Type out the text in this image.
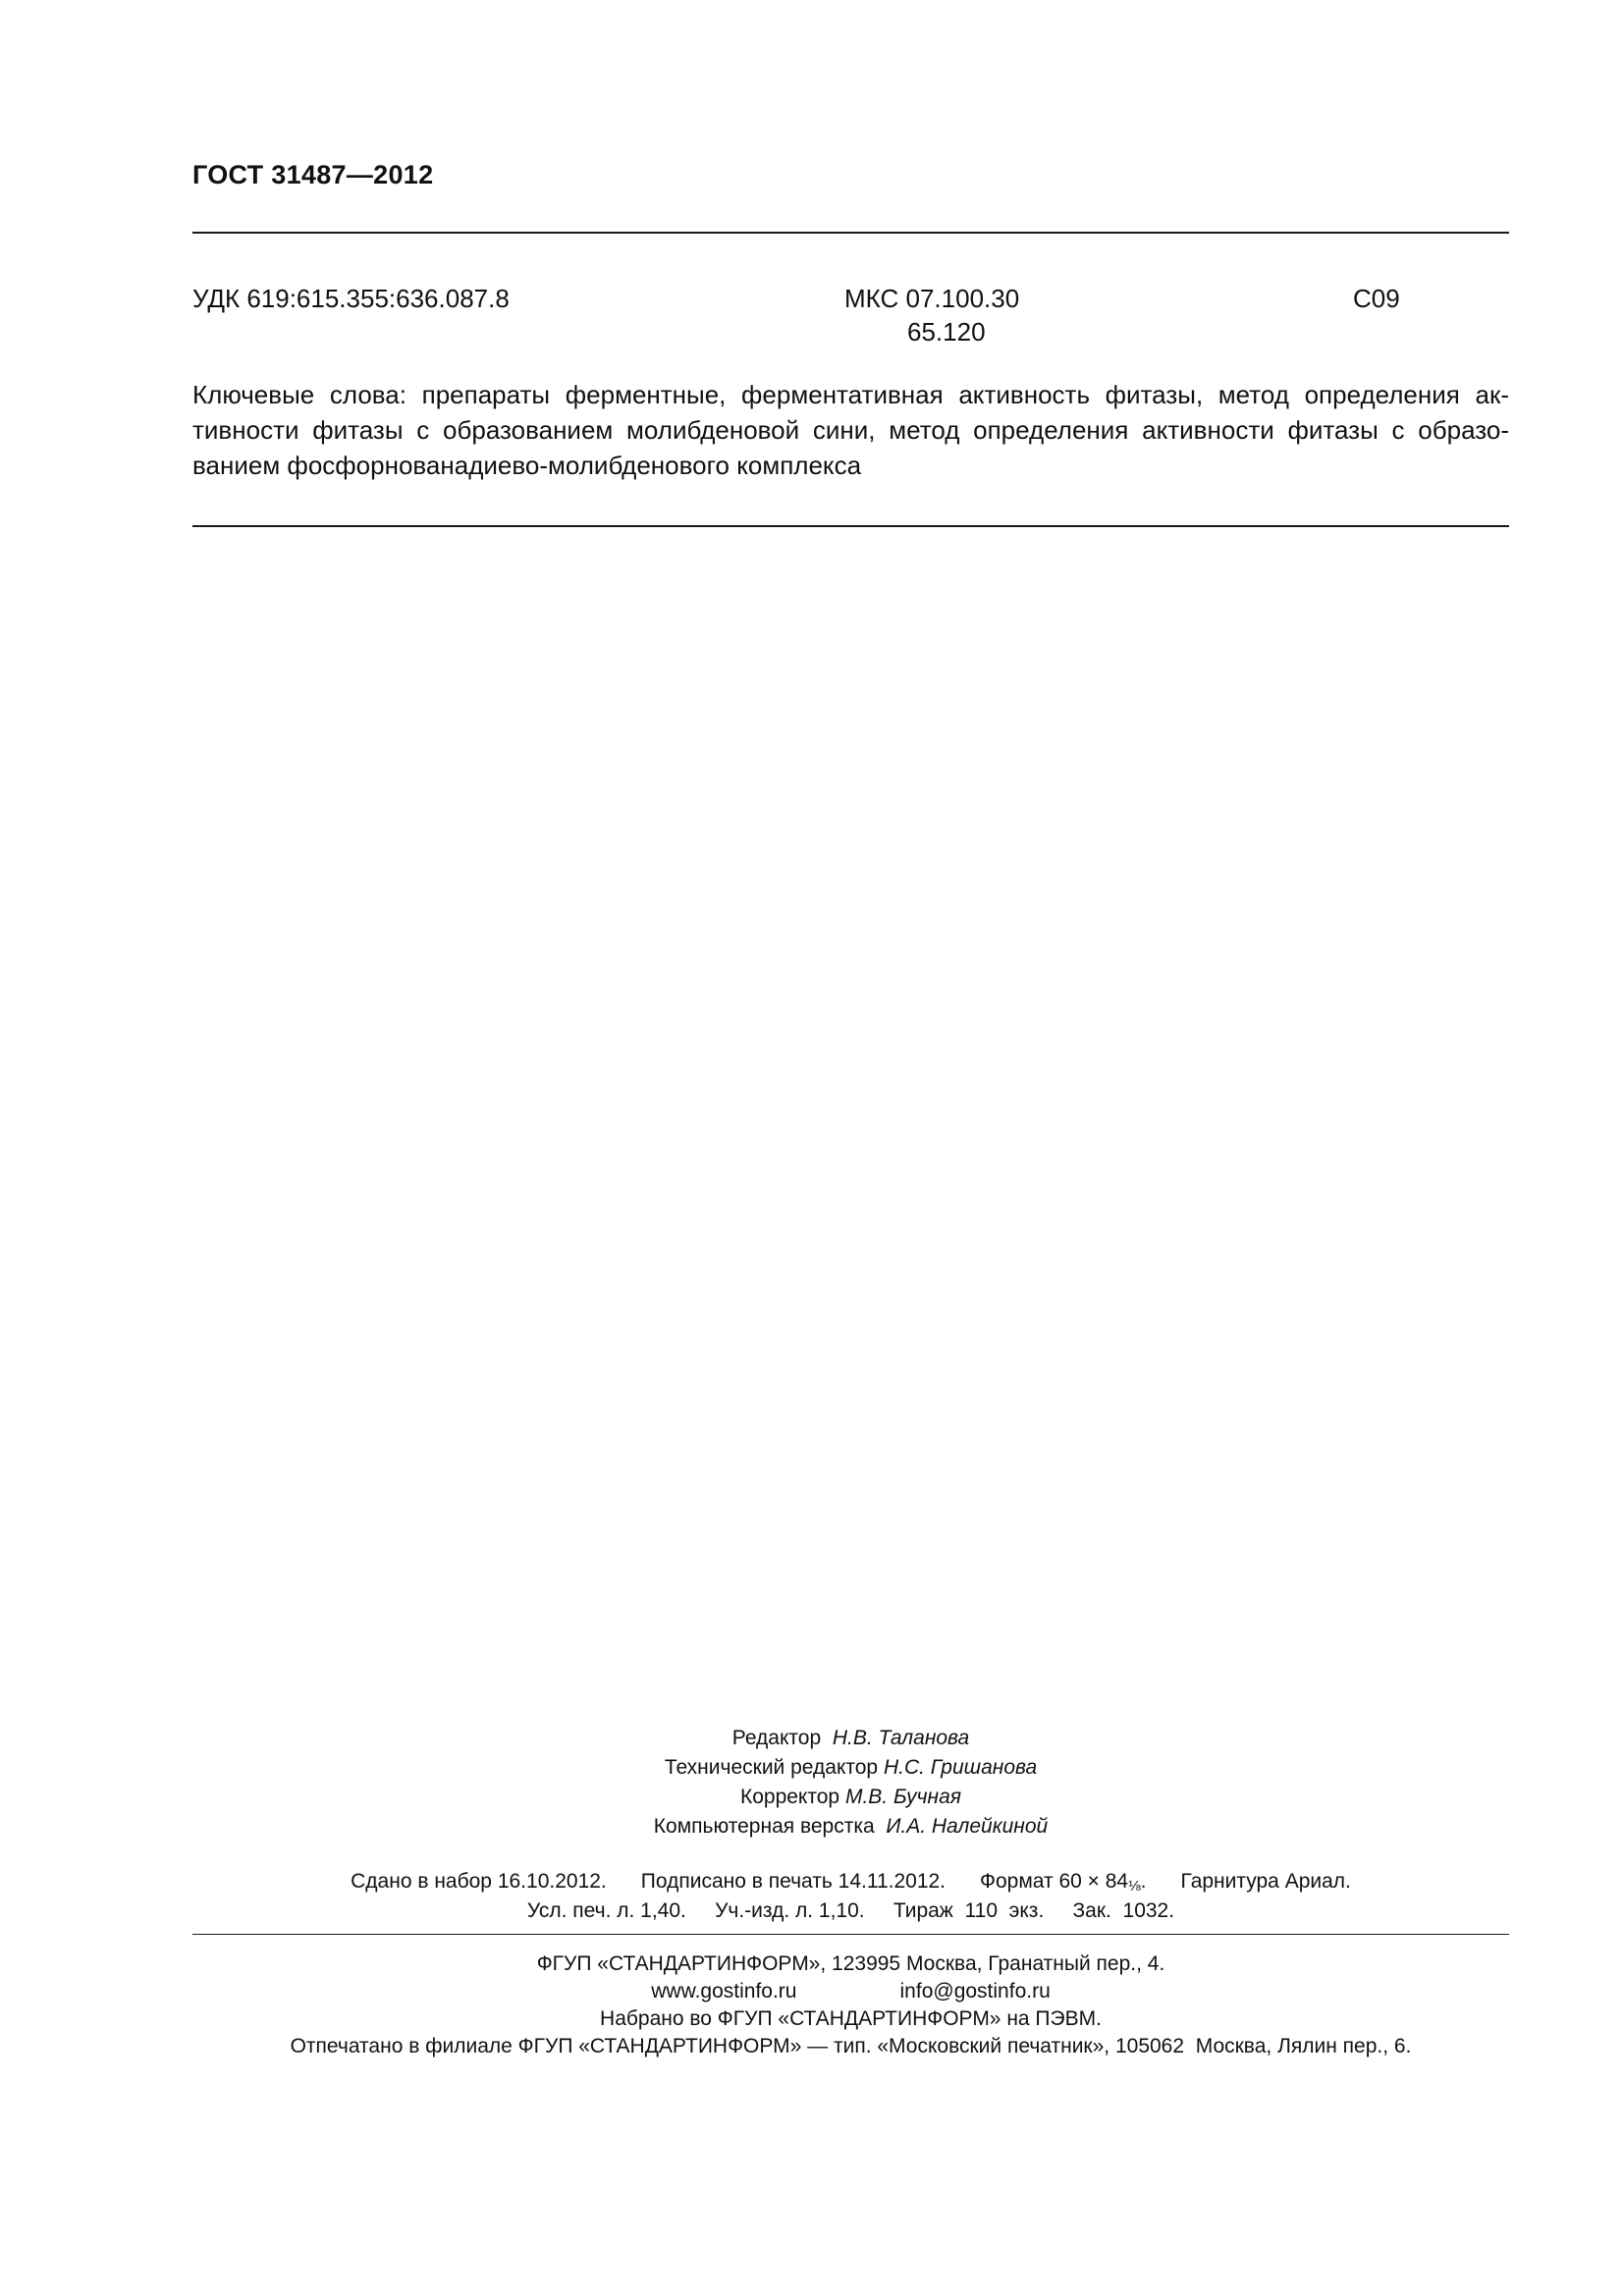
ГОСТ 31487—2012
УДК 619:615.355:636.087.8	МКС 07.100.30
65.120
С09
Ключевые слова: препараты ферментные, ферментативная активность фитазы, метод определения ак-
тивности фитазы с образованием молибденовой сини, метод определения активности фитазы с образо-
ванием фосфорнованадиево-молибденового комплекса
Редактор Н.В. Таланова
Технический редактор Н.С. Гришанова
Корректор М.В. Бучная
Компьютерная верстка И.А. Налейкиной
Сдано в набор 16.10.2012. Подписано в печать 14.11.2012. Формат 60 × 84⅛. Гарнитура Ариал.
Усл. печ. л. 1,40. Уч.-изд. л. 1,10. Тираж  110  экз. Зак.  1032.
ФГУП «СТАНДАРТИНФОРМ», 123995 Москва, Гранатный пер., 4.
www.gostinfo.ru	info@gostinfo.ru
Набрано во ФГУП «СТАНДАРТИНФОРМ» на ПЭВМ.
Отпечатано в филиале ФГУП «СТАНДАРТИНФОРМ» — тип. «Московский печатник», 105062  Москва, Лялин пер., 6.
